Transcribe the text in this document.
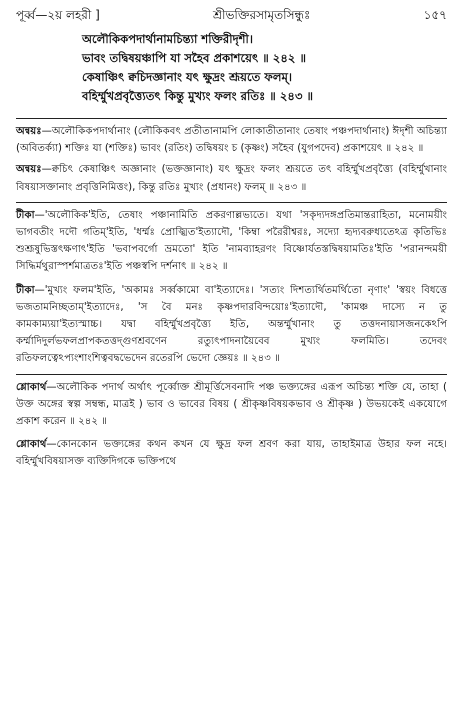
পূর্ব্ব—২য় লহরী ]	শ্রীভক্তিরসামৃতসিন্ধুঃ	১৫৭
অলৌকিকপদার্থানামচিন্ত্যা শক্তিরীদৃশী।
ভাবং তদ্বিষয়ঞ্চাপি যা সহৈব প্রকাশয়েৎ ॥ ২৪২ ॥
কেষাঞ্চিৎ ক্বচিদজ্ঞানাং যৎ ক্ষুদ্রং শ্রূয়তে ফলম্।
বহির্ম্মুখপ্রবৃত্ত্যৈতৎ কিন্তু মুখ্যং ফলং রতিঃ ॥ ২৪৩ ॥

অন্বয়ঃ—অলৌকিকপদার্থানাং (লৌকিকবৎ প্রতীতানামপি লোকাতীতানাং তেষাং পঞ্চপদার্থানাং) ঈদৃশী অচিন্ত্যা (অবিতর্ক্যা) শক্তিঃ যা (শক্তিঃ) ভাবং (রতিং) তদ্বিষয়ং চ (কৃষ্ণং) সহৈব (যুগপদেব) প্রকাশয়েৎ ॥ ২৪২ ॥

অন্বয়ঃ—ক্বচিৎ কেষাঞ্চিৎ অজ্ঞানাং (ভক্তজ্ঞানাং) যৎ ক্ষুদ্রং ফলং শ্রূয়তে তৎ বহির্ম্মুখপ্রবৃত্ত্যৈ (বহির্ম্মুখানাং বিষয়াসক্তানাং প্রবৃত্তিনিমিত্তং), কিন্তু রতিঃ মুখ্যং (প্রধানং) ফলম্ ॥ ২৪৩ ॥

টীকা—'অলৌকিক'ইতি, তেষাং পঞ্চানামিতি প্রকরণাল্লভ্যতে। যথা 'সকৃদ্যদঙ্গপ্রতিমান্তরাহিতা, মনোময়ীং ভাগবতীং দদৌ গতিম্'ইতি, 'ধর্ম্মঃ প্রোজ্ঝিত'ইত্যাদৌ, 'কিম্বা পরৈরীশ্বরঃ, সদ্যো হৃদ্যবরুধ্যতেঽত্র কৃতিভিঃ শুশ্রূষুভিস্তৎক্ষণাৎ'ইতি 'ভবাপবর্গো ভ্রমতো' ইতি 'নামব্যাহরণং বিষ্ণোর্যতস্তদ্বিষয়ামতিঃ'ইতি 'পরানন্দময়ী সিদ্ধির্মথুরাস্পর্শমাত্রতঃ'ইতি পঞ্চস্বপি দর্শনাৎ ॥ ২৪২ ॥

টীকা—'মুখ্যং ফলম'ইতি, 'অকামঃ সর্ব্বকামো বা'ইত্যাদেঃ। 'সত্যং দিশত্যর্থিতমর্থিতো নৃণাং' 'স্বয়ং বিধত্তে ভজতামনিচ্ছতাম্'ইত্যাদেঃ, 'স বৈ মনঃ কৃষ্ণপদারবিন্দয়োঃ'ইত্যাদৌ, 'কামঞ্চ দাস্যে ন তু কামকাম্যয়া'ইত্যস্মাচ্চ। যদ্বা বহির্ম্মুখপ্রবৃত্ত্যৈ ইতি, অন্তর্ম্মুখানাং তু তত্তদনায়াসজনকেঽপি কর্ম্মাদিদুর্লভফলপ্রাপকতত্তদ্গুণশ্রবণেন রত্যুৎপাদনায়ৈবেব মুখ্যং ফলমিতি। তদেবং রতিফলত্বেঽপ্যংশাংশিত্ববদ্বভেদেন রতেরপি ভেদো জ্ঞেয়ঃ ॥ ২৪৩ ॥

শ্লোকার্থ—অলৌকিক পদার্থ অর্থাৎ পূর্ব্বোক্ত শ্রীমূর্ত্তিসেবনাদি পঞ্চ ভক্ত্যঙ্গের এরূপ অচিন্ত্য শক্তি যে, তাহা ( উক্ত অঙ্গের স্বল্প সম্বন্ধ, মাত্রই ) ভাব ও ভাবের বিষয় ( শ্রীকৃষ্ণবিষয়কভাব ও শ্রীকৃষ্ণ ) উভয়কেই একযোগে প্রকাশ করেন ॥ ২৪২ ॥

শ্লোকার্থ—কোনকোন ভক্ত্যঙ্গের কথন কখন যে ক্ষুদ্র ফল শ্রবণ করা যায়, তাহাইমাত্র উহার ফল নহে। বহির্ম্মুখবিষয়াসক্ত ব্যক্তিদিগকে ভক্তিপথে
